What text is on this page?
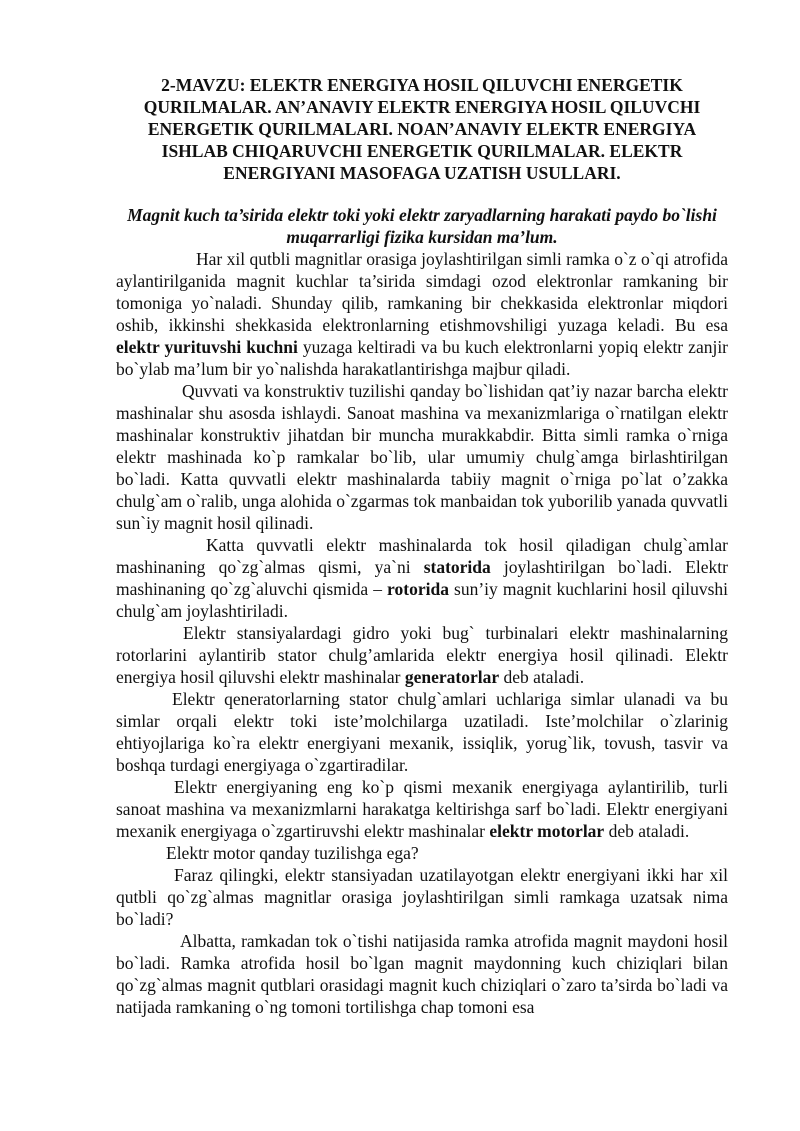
2-MAVZU: ELEKTR ENERGIYA HOSIL QILUVCHI ENERGETIK QURILMALAR. AN’ANAVIY ELEKTR ENERGIYA HOSIL QILUVCHI ENERGETIK QURILMALARI. NOAN’ANAVIY ELEKTR ENERGIYA ISHLAB CHIQARUVCHI ENERGETIK QURILMALAR. ELEKTR ENERGIYANI MASOFAGA UZATISH USULLARI.

Magnit kuch ta’sirida elektr toki yoki elektr zaryadlarning harakati paydo bo`lishi muqarrarligi fizika kursidan ma’lum.

Har xil qutbli magnitlar orasiga joylashtirilgan simli ramka o`z o`qi atrofida aylantirilganida magnit kuchlar ta’sirida simdagi ozod elektronlar ramkaning bir tomoniga yo`naladi. Shunday qilib, ramkaning bir chekkasida elektronlar miqdori oshib, ikkinshi shekkasida elektronlarning etishmovshiligi yuzaga keladi. Bu esa elektr yurituvshi kuchni yuzaga keltiradi va bu kuch elektronlarni yopiq elektr zanjir bo`ylab ma’lum bir yo`nalishda harakatlantirishga majbur qiladi.

Quvvati va konstruktiv tuzilishi qanday bo`lishidan qat’iy nazar barcha elektr mashinalar shu asosda ishlaydi. Sanoat mashina va mexanizmlariga o`rnatilgan elektr mashinalar konstruktiv jihatdan bir muncha murakkabdir. Bitta simli ramka o`rniga elektr mashinada ko`p ramkalar bo`lib, ular umumiy chulg`amga birlashtirilgan bo`ladi. Katta quvvatli elektr mashinalarda tabiiy magnit o`rniga po`lat o’zakka chulg`am o`ralib, unga alohida o`zgarmas tok manbaidan tok yuborilib yanada quvvatli sun`iy magnit hosil qilinadi.

Katta quvvatli elektr mashinalarda tok hosil qiladigan chulg`amlar mashinaning qo`zg`almas qismi, ya`ni statorida joylashtirilgan bo`ladi. Elektr mashinaning qo`zg`aluvchi qismida – rotorida sun’iy magnit kuchlarini hosil qiluvshi chulg`am joylashtiriladi.

Elektr stansiyalardagi gidro yoki bug` turbinalari elektr mashinalarning rotorlarini aylantirib stator chulg’amlarida elektr energiya hosil qilinadi. Elektr energiya hosil qiluvshi elektr mashinalar generatorlar deb ataladi.

Elektr qeneratorlarning stator chulg`amlari uchlariga simlar ulanadi va bu simlar orqali elektr toki iste’molchilarga uzatiladi. Iste’molchilar o`zlarinig ehtiyojlariga ko`ra elektr energiyani mexanik, issiqlik, yorug`lik, tovush, tasvir va boshqa turdagi energiyaga o`zgartiradilar.

Elektr energiyaning eng ko`p qismi mexanik energiyaga aylantirilib, turli sanoat mashina va mexanizmlarni harakatga keltirishga sarf bo`ladi. Elektr energiyani mexanik energiyaga o`zgartiruvshi elektr mashinalar elektr motorlar deb ataladi.

Elektr motor qanday tuzilishga ega?

Faraz qilingki, elektr stansiyadan uzatilayotgan elektr energiyani ikki har xil qutbli qo`zg`almas magnitlar orasiga joylashtirilgan simli ramkaga uzatsak nima bo`ladi?

Albatta, ramkadan tok o`tishi natijasida ramka atrofida magnit maydoni hosil bo`ladi. Ramka atrofida hosil bo`lgan magnit maydonning kuch chiziqlari bilan qo`zg`almas magnit qutblari orasidagi magnit kuch chiziqlari o`zaro ta’sirda bo`ladi va natijada ramkaning o`ng tomoni tortilishga chap tomoni esa
